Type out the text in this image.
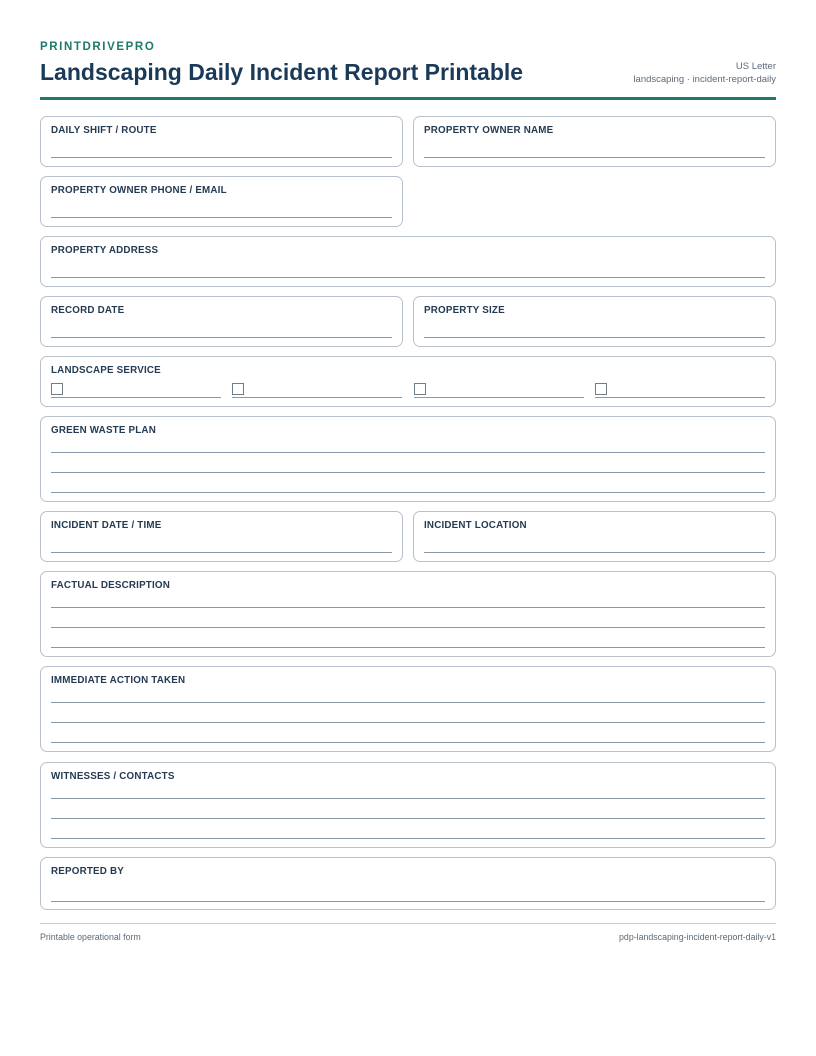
PRINTDRIVEPRO
Landscaping Daily Incident Report Printable	US Letter
landscaping · incident-report-daily
DAILY SHIFT / ROUTE	PROPERTY OWNER NAME
PROPERTY OWNER PHONE / EMAIL
PROPERTY ADDRESS
RECORD DATE	PROPERTY SIZE
LANDSCAPE SERVICE
GREEN WASTE PLAN
INCIDENT DATE / TIME	INCIDENT LOCATION
FACTUAL DESCRIPTION
IMMEDIATE ACTION TAKEN
WITNESSES / CONTACTS
REPORTED BY
Printable operational form	pdp-landscaping-incident-report-daily-v1
